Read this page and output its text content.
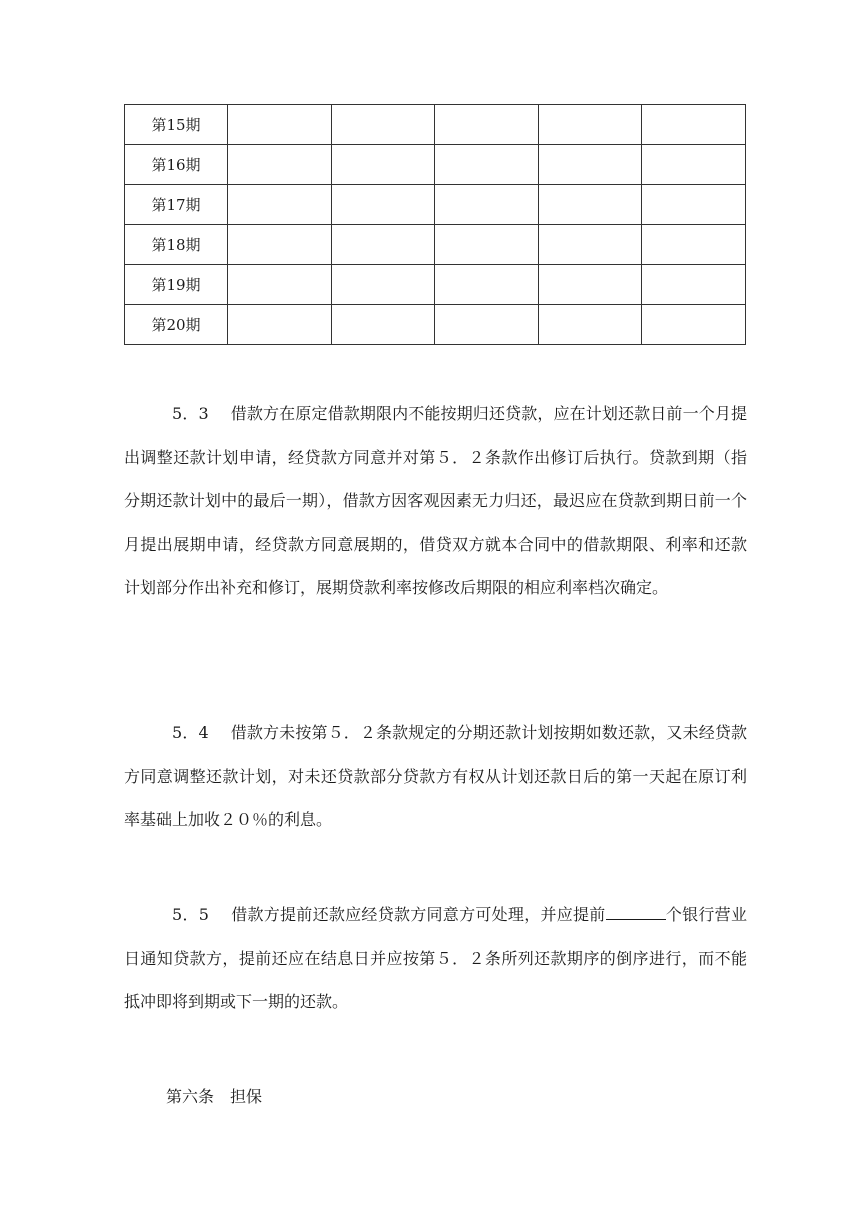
第15期					
第16期					
第17期					
第18期					
第19期					
第20期					

5．3 借款方在原定借款期限内不能按期归还贷款，应在计划还款日前一个月提出调整还款计划申请，经贷款方同意并对第５．２条款作出修订后执行。贷款到期（指分期还款计划中的最后一期），借款方因客观因素无力归还，最迟应在贷款到期日前一个月提出展期申请，经贷款方同意展期的，借贷双方就本合同中的借款期限、利率和还款计划部分作出补充和修订，展期贷款利率按修改后期限的相应利率档次确定。

5．4 借款方未按第５．２条款规定的分期还款计划按期如数还款，又未经贷款方同意调整还款计划，对未还贷款部分贷款方有权从计划还款日后的第一天起在原订利率基础上加收２０％的利息。

5．5 借款方提前还款应经贷款方同意方可处理，并应提前	个银行营业日通知贷款方，提前还应在结息日并应按第５．２条所列还款期序的倒序进行，而不能抵冲即将到期或下一期的还款。

第六条　担保
